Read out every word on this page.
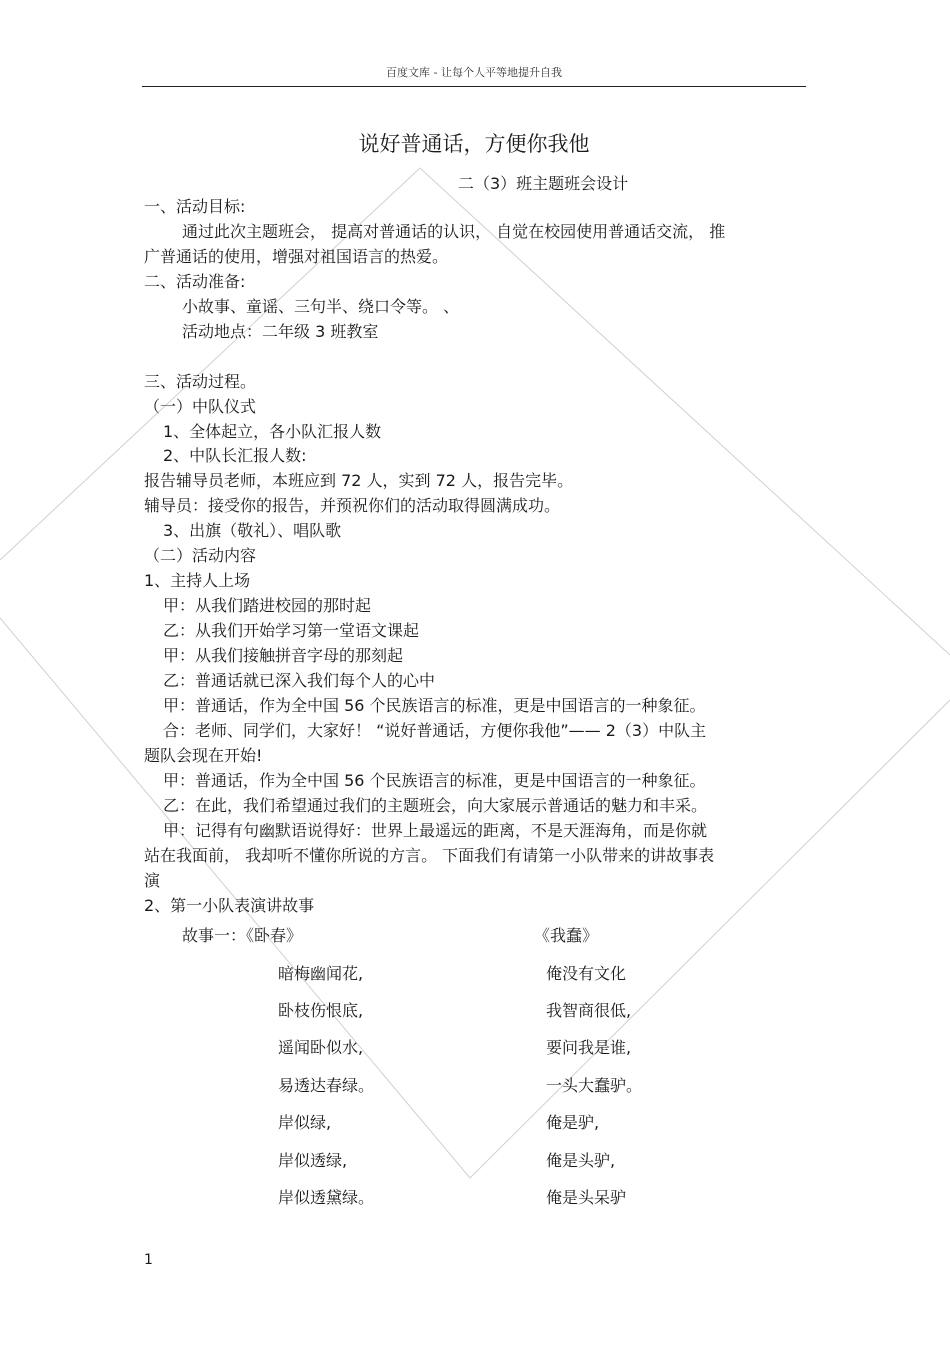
百度文库 - 让每个人平等地提升自我
说好普通话，方便你我他
二（3）班主题班会设计
一、活动目标:
通过此次主题班会， 提高对普通话的认识， 自觉在校园使用普通话交流， 推
广普通话的使用，增强对祖国语言的热爱。
二、活动准备:
小故事、童谣、三句半、绕口令等。 、
活动地点：二年级 3 班教室
三、活动过程。
（一）中队仪式
1、全体起立，各小队汇报人数
2、中队长汇报人数:
报告辅导员老师，本班应到 72 人，实到 72 人，报告完毕。
辅导员：接受你的报告，并预祝你们的活动取得圆满成功。
3、出旗（敬礼）、唱队歌
（二）活动内容
1、主持人上场
甲：从我们踏进校园的那时起
乙：从我们开始学习第一堂语文课起
甲：从我们接触拼音字母的那刻起
乙：普通话就已深入我们每个人的心中
甲：普通话，作为全中国 56 个民族语言的标准，更是中国语言的一种象征。
合：老师、同学们，大家好！ “说好普通话，方便你我他”—— 2（3）中队主
题队会现在开始!
甲：普通话，作为全中国 56 个民族语言的标准，更是中国语言的一种象征。
乙：在此，我们希望通过我们的主题班会，向大家展示普通话的魅力和丰采。
甲：记得有句幽默语说得好：世界上最遥远的距离，不是天涯海角，而是你就
站在我面前， 我却听不懂你所说的方言。 下面我们有请第一小队带来的讲故事表
演
2、第一小队表演讲故事
故事一：《卧春》	《我蠢》
暗梅幽闻花,
卧枝伤恨底,
遥闻卧似水,
易透达春绿。
岸似绿,
岸似透绿,
岸似透黛绿。
俺没有文化
我智商很低,
要问我是谁,
一头大蠢驴。
俺是驴,
俺是头驴,
俺是头呆驴
1
